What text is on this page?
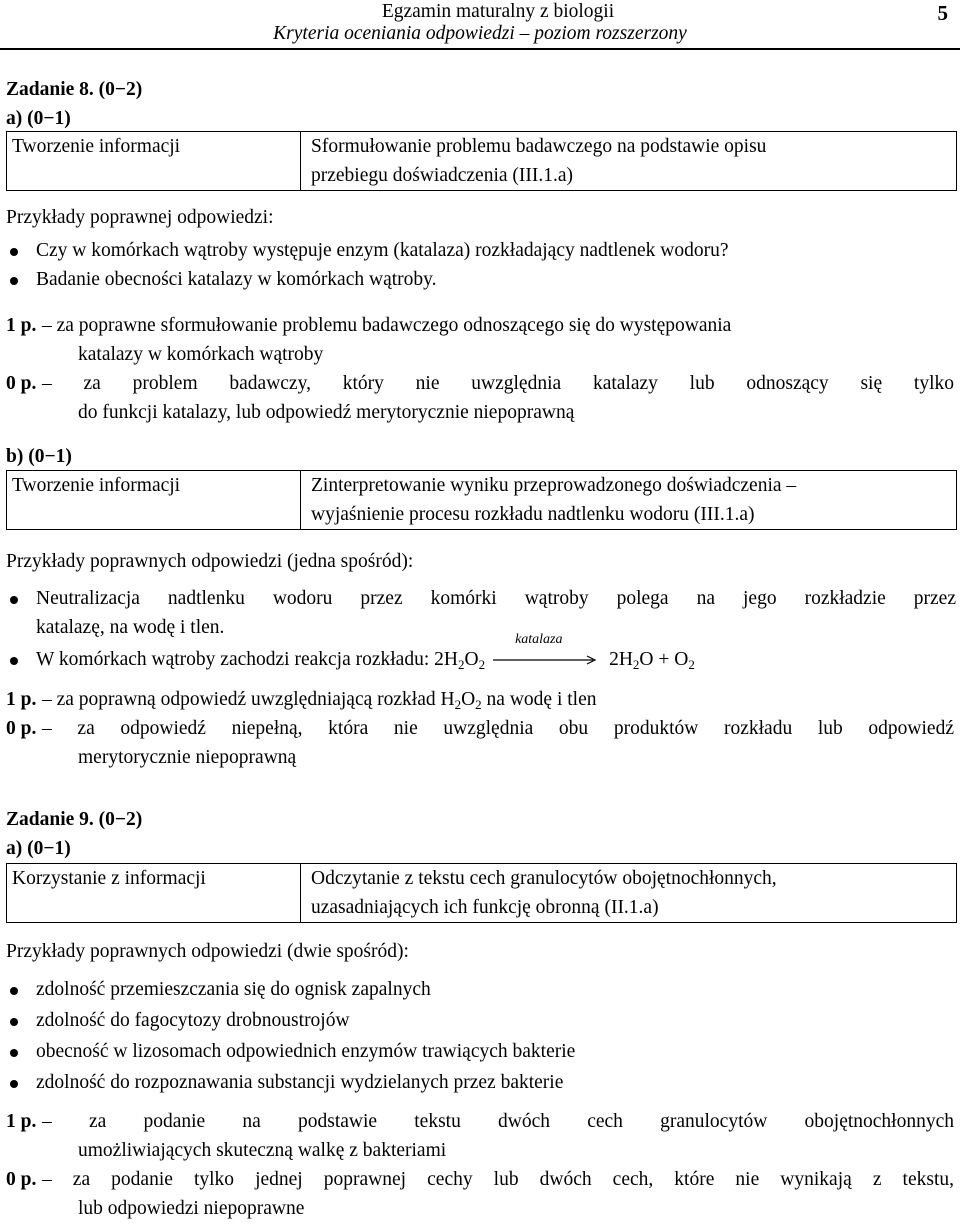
Egzamin maturalny z biologii
Kryteria oceniania odpowiedzi – poziom rozszerzony
5
Zadanie 8. (0−2)
a) (0−1)
Tworzenie informacji	Sformułowanie problemu badawczego na podstawie opisu
przebiegu doświadczenia (III.1.a)
Przykłady poprawnej odpowiedzi:
Czy w komórkach wątroby występuje enzym (katalaza) rozkładający nadtlenek wodoru?
Badanie obecności katalazy w komórkach wątroby.
1 p. – za poprawne sformułowanie problemu badawczego odnoszącego się do występowania
katalazy w komórkach wątroby
0 p. – za problem badawczy, który nie uwzględnia katalazy lub odnoszący się tylko
do funkcji katalazy, lub odpowiedź merytorycznie niepoprawną
b) (0−1)
Tworzenie informacji	Zinterpretowanie wyniku przeprowadzonego doświadczenia –
wyjaśnienie procesu rozkładu nadtlenku wodoru (III.1.a)
Przykłady poprawnych odpowiedzi (jedna spośród):
Neutralizacja nadtlenku wodoru przez komórki wątroby polega na jego rozkładzie przez
katalazę, na wodę i tlen.
W komórkach wątroby zachodzi reakcja rozkładu: $2H_2O_2$
katalaza
$2H_2O + O_2$
1 p. – za poprawną odpowiedź uwzględniającą rozkład $H_2O_2$ na wodę i tlen
0 p. – za odpowiedź niepełną, która nie uwzględnia obu produktów rozkładu lub odpowiedź
merytorycznie niepoprawną
Zadanie 9. (0−2)
a) (0−1)
Korzystanie z informacji	Odczytanie z tekstu cech granulocytów obojętnochłonnych,
uzasadniających ich funkcję obronną (II.1.a)
Przykłady poprawnych odpowiedzi (dwie spośród):
zdolność przemieszczania się do ognisk zapalnych
zdolność do fagocytozy drobnoustrojów
obecność w lizosomach odpowiednich enzymów trawiących bakterie
zdolność do rozpoznawania substancji wydzielanych przez bakterie
1 p. – za podanie na podstawie tekstu dwóch cech granulocytów obojętnochłonnych
umożliwiających skuteczną walkę z bakteriami
0 p. – za podanie tylko jednej poprawnej cechy lub dwóch cech, które nie wynikają z tekstu,
lub odpowiedzi niepoprawne
